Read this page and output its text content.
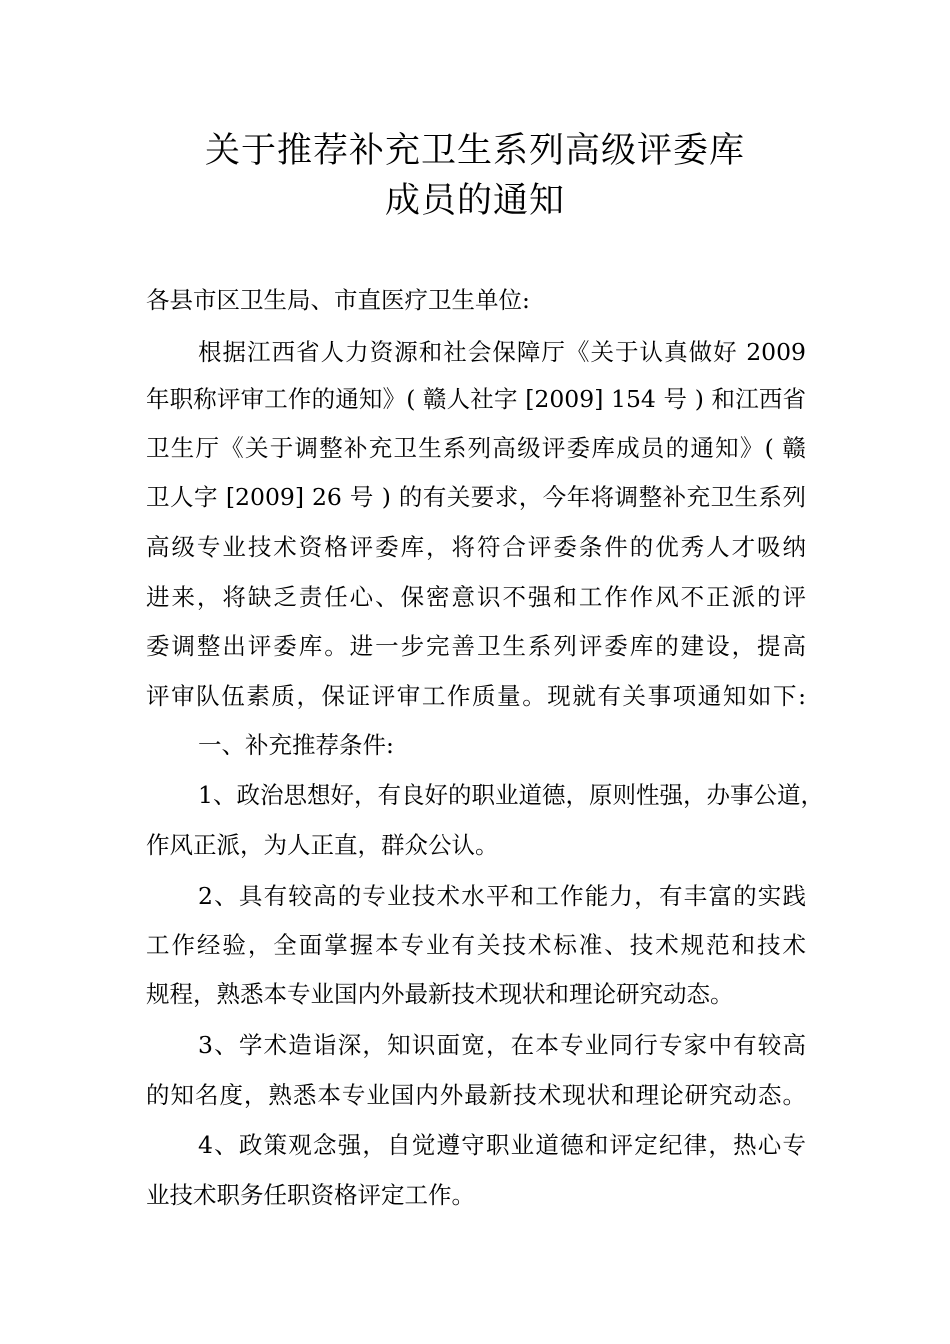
关于推荐补充卫生系列高级评委库
成员的通知
各县市区卫生局、市直医疗卫生单位:
根据江西省人力资源和社会保障厅《关于认真做好 2009
年职称评审工作的通知》( 赣人社字 [2009] 154 号 ) 和江西省
卫生厅《关于调整补充卫生系列高级评委库成员的通知》( 赣
卫人字 [2009] 26 号 ) 的有关要求，今年将调整补充卫生系列
高级专业技术资格评委库，将符合评委条件的优秀人才吸纳
进来，将缺乏责任心、保密意识不强和工作作风不正派的评
委调整出评委库。进一步完善卫生系列评委库的建设，提高
评审队伍素质，保证评审工作质量。现就有关事项通知如下:
一、补充推荐条件:
1、政治思想好，有良好的职业道德，原则性强，办事公道，
作风正派，为人正直，群众公认。
2、具有较高的专业技术水平和工作能力，有丰富的实践
工作经验，全面掌握本专业有关技术标准、技术规范和技术
规程，熟悉本专业国内外最新技术现状和理论研究动态。
3、学术造诣深，知识面宽，在本专业同行专家中有较高
的知名度，熟悉本专业国内外最新技术现状和理论研究动态。
4、政策观念强，自觉遵守职业道德和评定纪律，热心专
业技术职务任职资格评定工作。
